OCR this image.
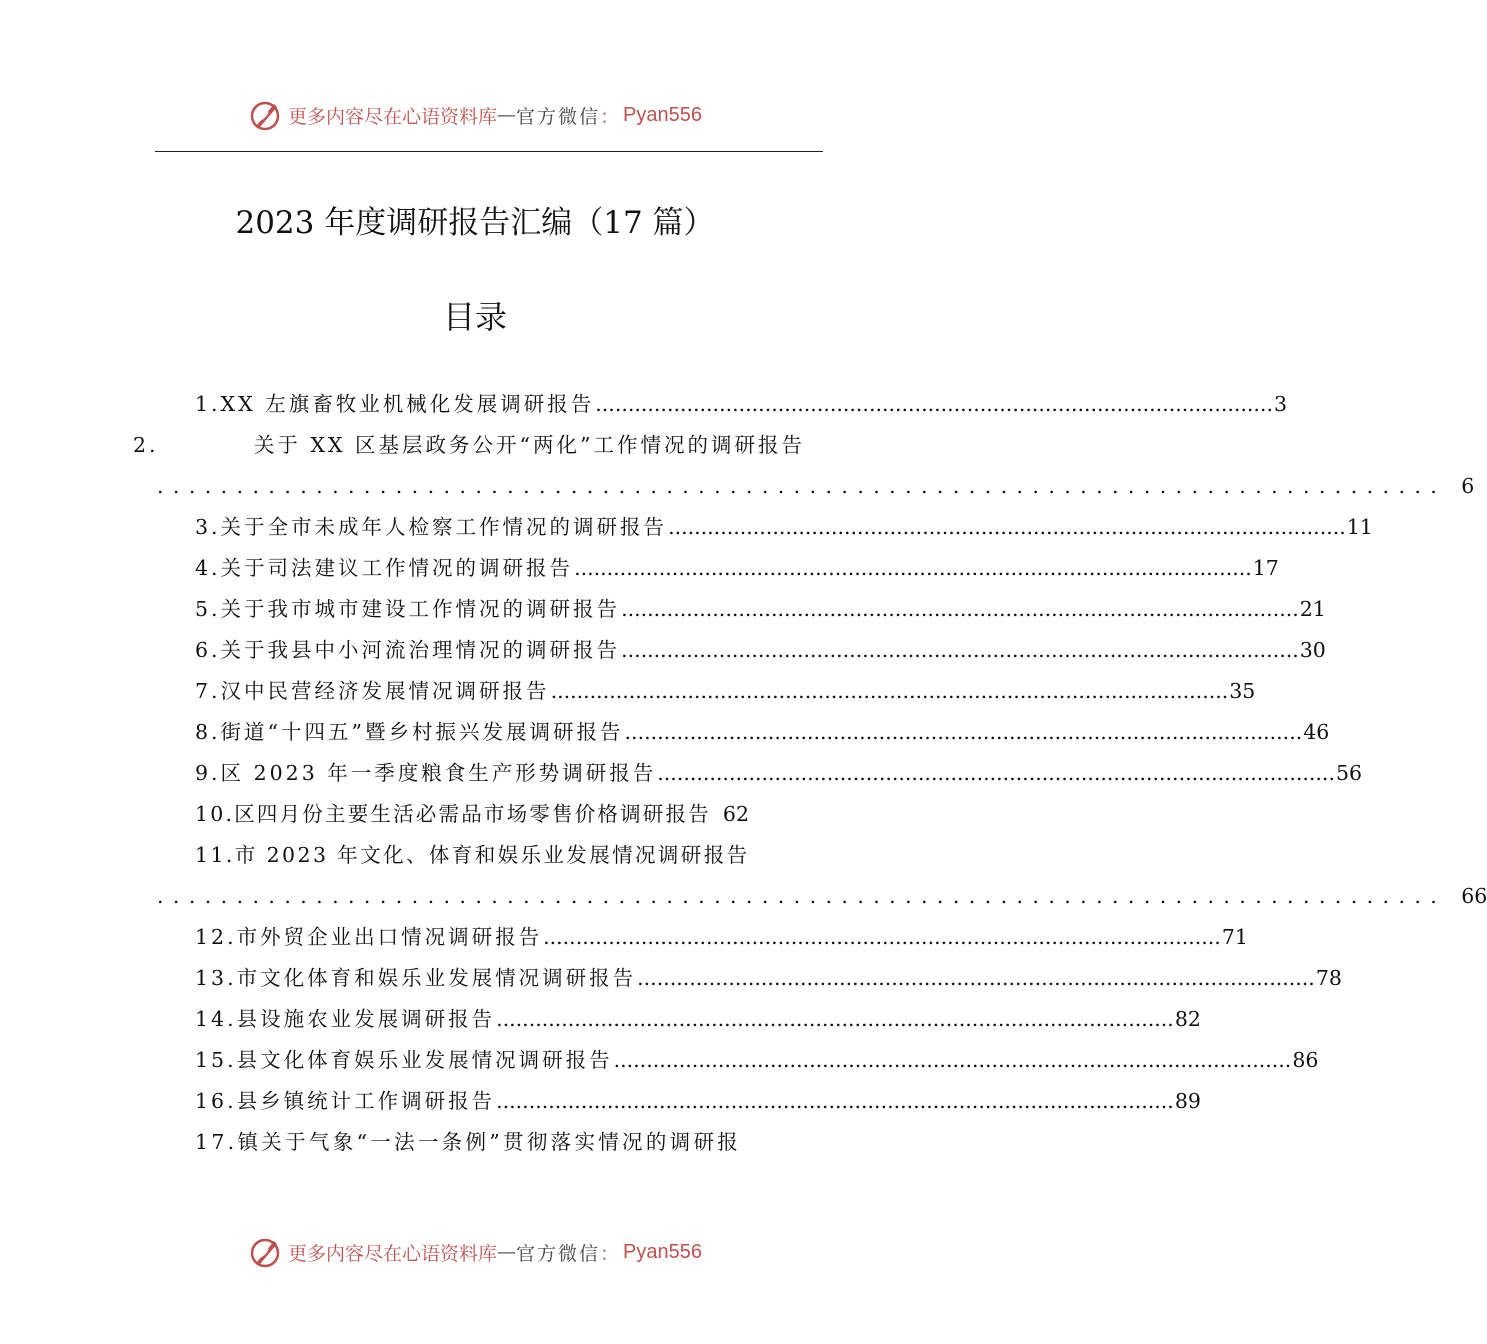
更多内容尽在心语资料库 — 官方微信 ： Pyan556
2023 年度调研报告汇编（17 篇）
目录
1.XX 左旗畜牧业机械化发展调研报告 ........................................................................................................ 3
2.	关于 XX 区基层政务公开“两化”工作情况的调研报告
................................................................................. 6
3.关于全市未成年人检察工作情况的调研报告 ........................................................................................................ 11
4.关于司法建议工作情况的调研报告 ........................................................................................................ 17
5.关于我市城市建设工作情况的调研报告 ........................................................................................................ 21
6.关于我县中小河流治理情况的调研报告 ........................................................................................................ 30
7.汉中民营经济发展情况调研报告 ........................................................................................................ 35
8.街道“十四五”暨乡村振兴发展调研报告 ........................................................................................................ 46
9.区 2023 年一季度粮食生产形势调研报告 ........................................................................................................ 56
10.区四月份主要生活必需品市场零售价格调研报告 62
11.市 2023 年文化、体育和娱乐业发展情况调研报告
................................................................................. 66
12.市外贸企业出口情况调研报告 ........................................................................................................ 71
13.市文化体育和娱乐业发展情况调研报告 ........................................................................................................ 78
14.县设施农业发展调研报告 ........................................................................................................ 82
15.县文化体育娱乐业发展情况调研报告 ........................................................................................................ 86
16.县乡镇统计工作调研报告 ........................................................................................................ 89
17.镇关于气象“一法一条例”贯彻落实情况的调研报
更多内容尽在心语资料库 — 官方微信 ： Pyan556
